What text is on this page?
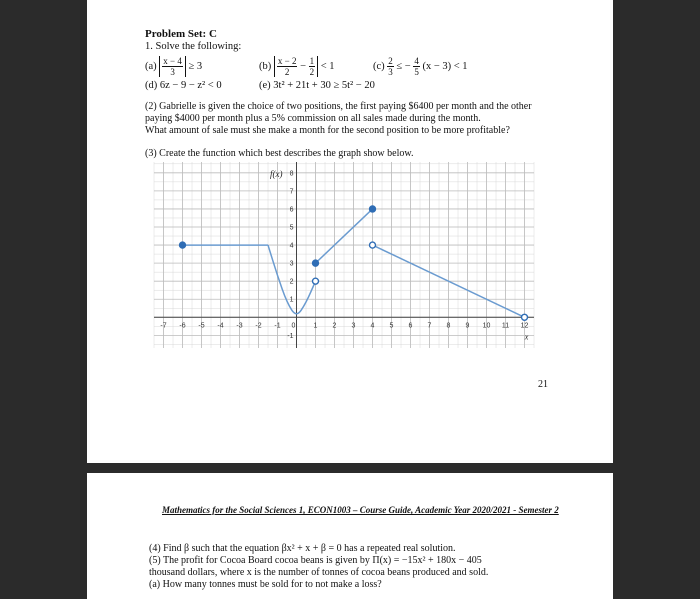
Problem Set: C
1. Solve the following:
$(a) \frac{x - 4}{3} \ge 3$	$(b) \frac{x - 2}{2} - \frac{1}{2} < 1$	$(c) \frac{2}{3}$ ≤ − $\frac{4}{5} (x - 3) < 1$
(d) 6z − 9 − z² < 0	(e) 3t² + 21t + 30 ≥ 5t² − 20
(2) Gabrielle is given the choice of two positions, the first paying $6400 per month and the other
paying $4000 per month plus a 5% commission on all sales made during the month.
What amount of sale must she make a month for the second position to be more profitable?
(3) Create the function which best describes the graph show below.
-7 -6 -5 -4 -3 -2 -1 0	1 2 3 4 5 6 7 8 9 10 11 12
8
7
6
5
4
3
2
1
-1
f(x)
x
21
Mathematics for the Social Sciences 1, ECON1003 – Course Guide, Academic Year 2020/2021 - Semester 2
(4) Find β such that the equation βx² + x + β = 0 has a repeated real solution.
(5) The profit for Cocoa Board cocoa beans is given by Π(x) = −15x² + 180x − 405
thousand dollars, where x is the number of tonnes of cocoa beans produced and sold.
(a) How many tonnes must be sold for to not make a loss?
